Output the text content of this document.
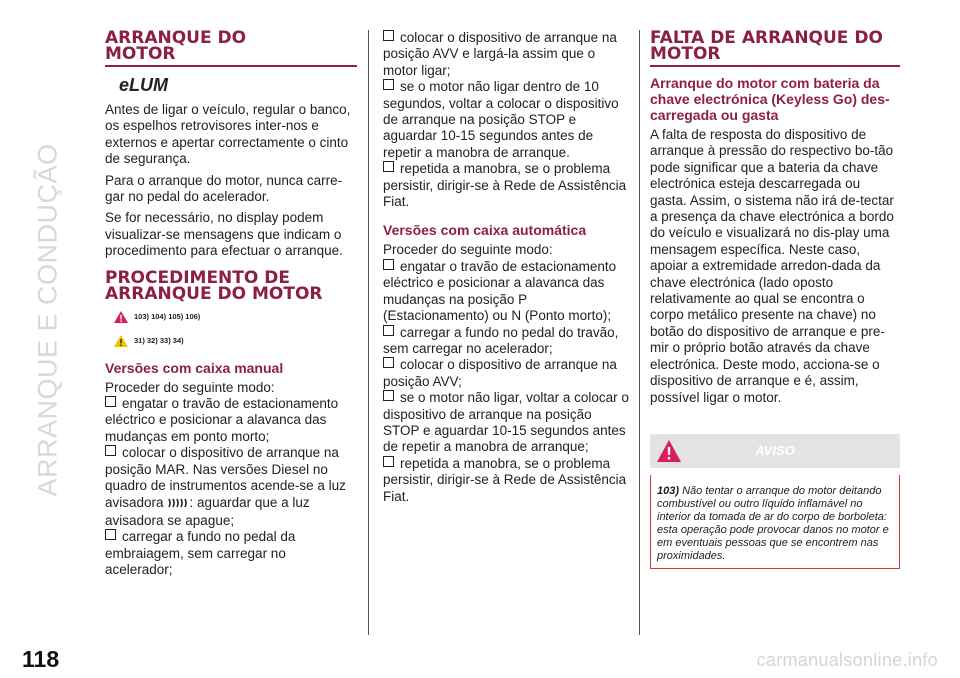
ARRANQUE E CONDUÇÃO
ARRANQUE DO
MOTOR
eLUM

Antes de ligar o veículo, regular o banco, os espelhos retrovisores inter-nos e externos e apertar correctamente o cinto de segurança.

Para o arranque do motor, nunca carre-gar no pedal do acelerador.

Se for necessário, no display podem visualizar-se mensagens que indicam o procedimento para efectuar o arranque.

PROCEDIMENTO DE
ARRANQUE DO MOTOR
103) 104) 105) 106)
31) 32) 33) 34)
Versões com caixa manual

Proceder do seguinte modo:

engatar o travão de estacionamento eléctrico e posicionar a alavanca das mudanças em ponto morto;

colocar o dispositivo de arranque na posição MAR. Nas versões Diesel no quadro de instrumentos acende-se a luz avisadora : aguardar que a luz avisadora se apague;

carregar a fundo no pedal da embraiagem, sem carregar no acelerador;

colocar o dispositivo de arranque na posição AVV e largá-la assim que o motor ligar;

se o motor não ligar dentro de 10 segundos, voltar a colocar o dispositivo de arranque na posição STOP e aguardar 10-15 segundos antes de repetir a manobra de arranque.

repetida a manobra, se o problema persistir, dirigir-se à Rede de Assistência Fiat.

Versões com caixa automática

Proceder do seguinte modo:

engatar o travão de estacionamento eléctrico e posicionar a alavanca das mudanças na posição P (Estacionamento) ou N (Ponto morto);

carregar a fundo no pedal do travão, sem carregar no acelerador;

colocar o dispositivo de arranque na posição AVV;

se o motor não ligar, voltar a colocar o dispositivo de arranque na posição STOP e aguardar 10-15 segundos antes de repetir a manobra de arranque;

repetida a manobra, se o problema persistir, dirigir-se à Rede de Assistência Fiat.

FALTA DE ARRANQUE DO
MOTOR
Arranque do motor com bateria da chave electrónica (Keyless Go) des-carregada ou gasta

A falta de resposta do dispositivo de arranque à pressão do respectivo bo-tão pode significar que a bateria da chave electrónica esteja descarregada ou gasta. Assim, o sistema não irá de-tectar a presença da chave electrónica a bordo do veículo e visualizará no dis-play uma mensagem específica. Neste caso, apoiar a extremidade arredon-dada da chave electrónica (lado oposto relativamente ao qual se encontra o corpo metálico presente na chave) no botão do dispositivo de arranque e pre-mir o próprio botão através da chave electrónica. Deste modo, acciona-se o dispositivo de arranque e é, assim, possível ligar o motor.

AVISO
103) Não tentar o arranque do motor deitando combustível ou outro líquido inflamável no interior da tomada de ar do corpo de borboleta: esta operação pode provocar danos no motor e em eventuais pessoas que se encontrem nas proximidades.
118	carmanualsonline.info
